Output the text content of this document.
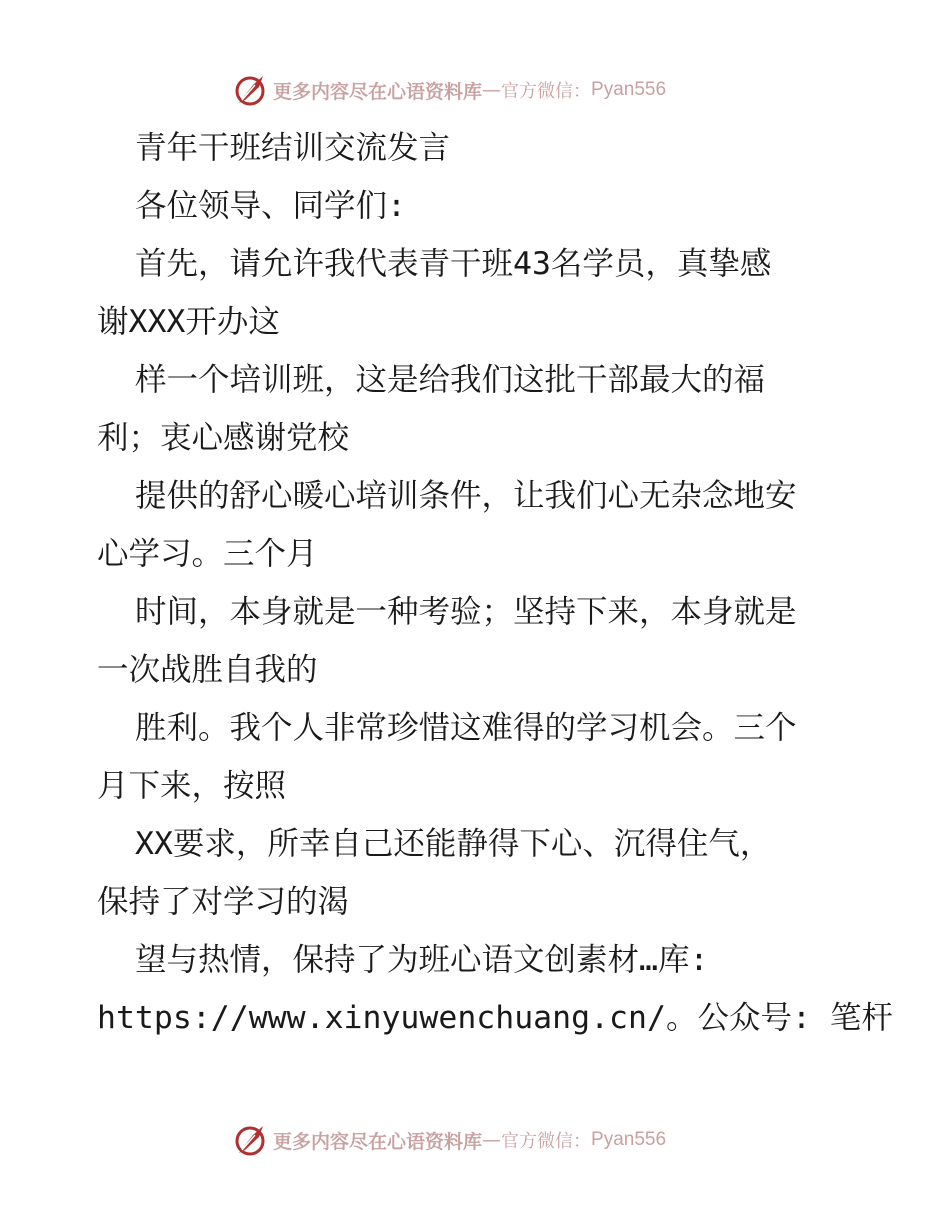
更多内容尽在心语资料库 — 官方微信： Pyan556
青年干班结训交流发言
各位领导、同学们:
首先，请允许我代表青干班43名学员，真挚感
谢XXX开办这
样一个培训班，这是给我们这批干部最大的福
利；衷心感谢党校
提供的舒心暖心培训条件，让我们心无杂念地安
心学习。三个月
时间，本身就是一种考验；坚持下来，本身就是
一次战胜自我的
胜利。我个人非常珍惜这难得的学习机会。三个
月下来，按照
XX要求，所幸自己还能静得下心、沉得住气，
保持了对学习的渴
望与热情，保持了为班心语文创素材…库:
https://www.xinyuwenchuang.cn/。公众号: 笔杆
更多内容尽在心语资料库 — 官方微信： Pyan556
